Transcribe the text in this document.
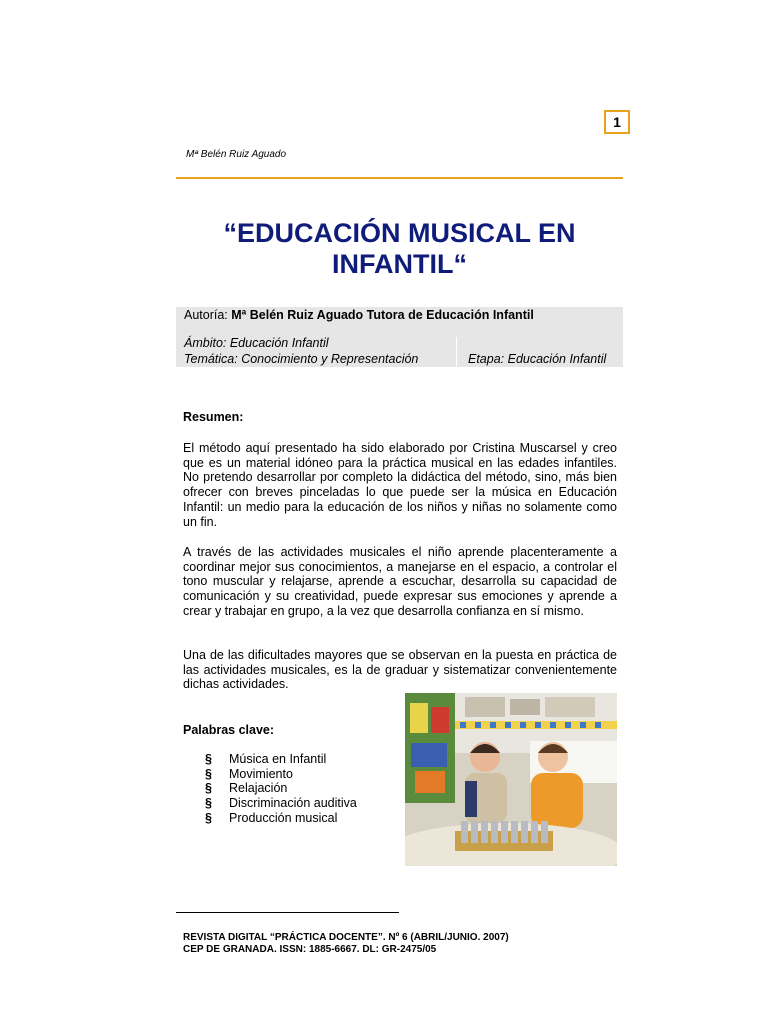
1
Mª Belén Ruiz Aguado
“EDUCACIÓN MUSICAL EN
INFANTIL“
Autoría: Mª Belén Ruiz Aguado Tutora de Educación Infantil
Ámbito: Educación Infantil
Temática: Conocimiento y Representación	Etapa: Educación Infantil
Resumen:
El método aquí presentado ha sido elaborado por Cristina Muscarsel y creo que es un material idóneo para la práctica musical en las edades infantiles. No pretendo desarrollar por completo la didáctica del método, sino, más bien ofrecer con breves pinceladas lo que puede ser la música en Educación Infantil: un medio para la educación de los niños y niñas no solamente como un fin.
A través de las actividades musicales el niño aprende placenteramente a coordinar mejor sus conocimientos, a manejarse en el espacio, a controlar el tono muscular y relajarse, aprende a escuchar, desarrolla su capacidad de comunicación y su creatividad, puede expresar sus emociones y aprende a crear y trabajar en grupo, a la vez que desarrolla confianza en sí mismo.
Una de las dificultades mayores que se observan en la puesta en práctica de las actividades musicales, es la de graduar y sistematizar convenientemente dichas actividades.
Palabras clave:
§ Música en Infantil
§ Movimiento
§ Relajación
§ Discriminación auditiva
§ Producción musical
REVISTA DIGITAL “PRÁCTICA DOCENTE”. Nº 6 (ABRIL/JUNIO. 2007)
CEP DE GRANADA. ISSN: 1885-6667. DL: GR-2475/05
